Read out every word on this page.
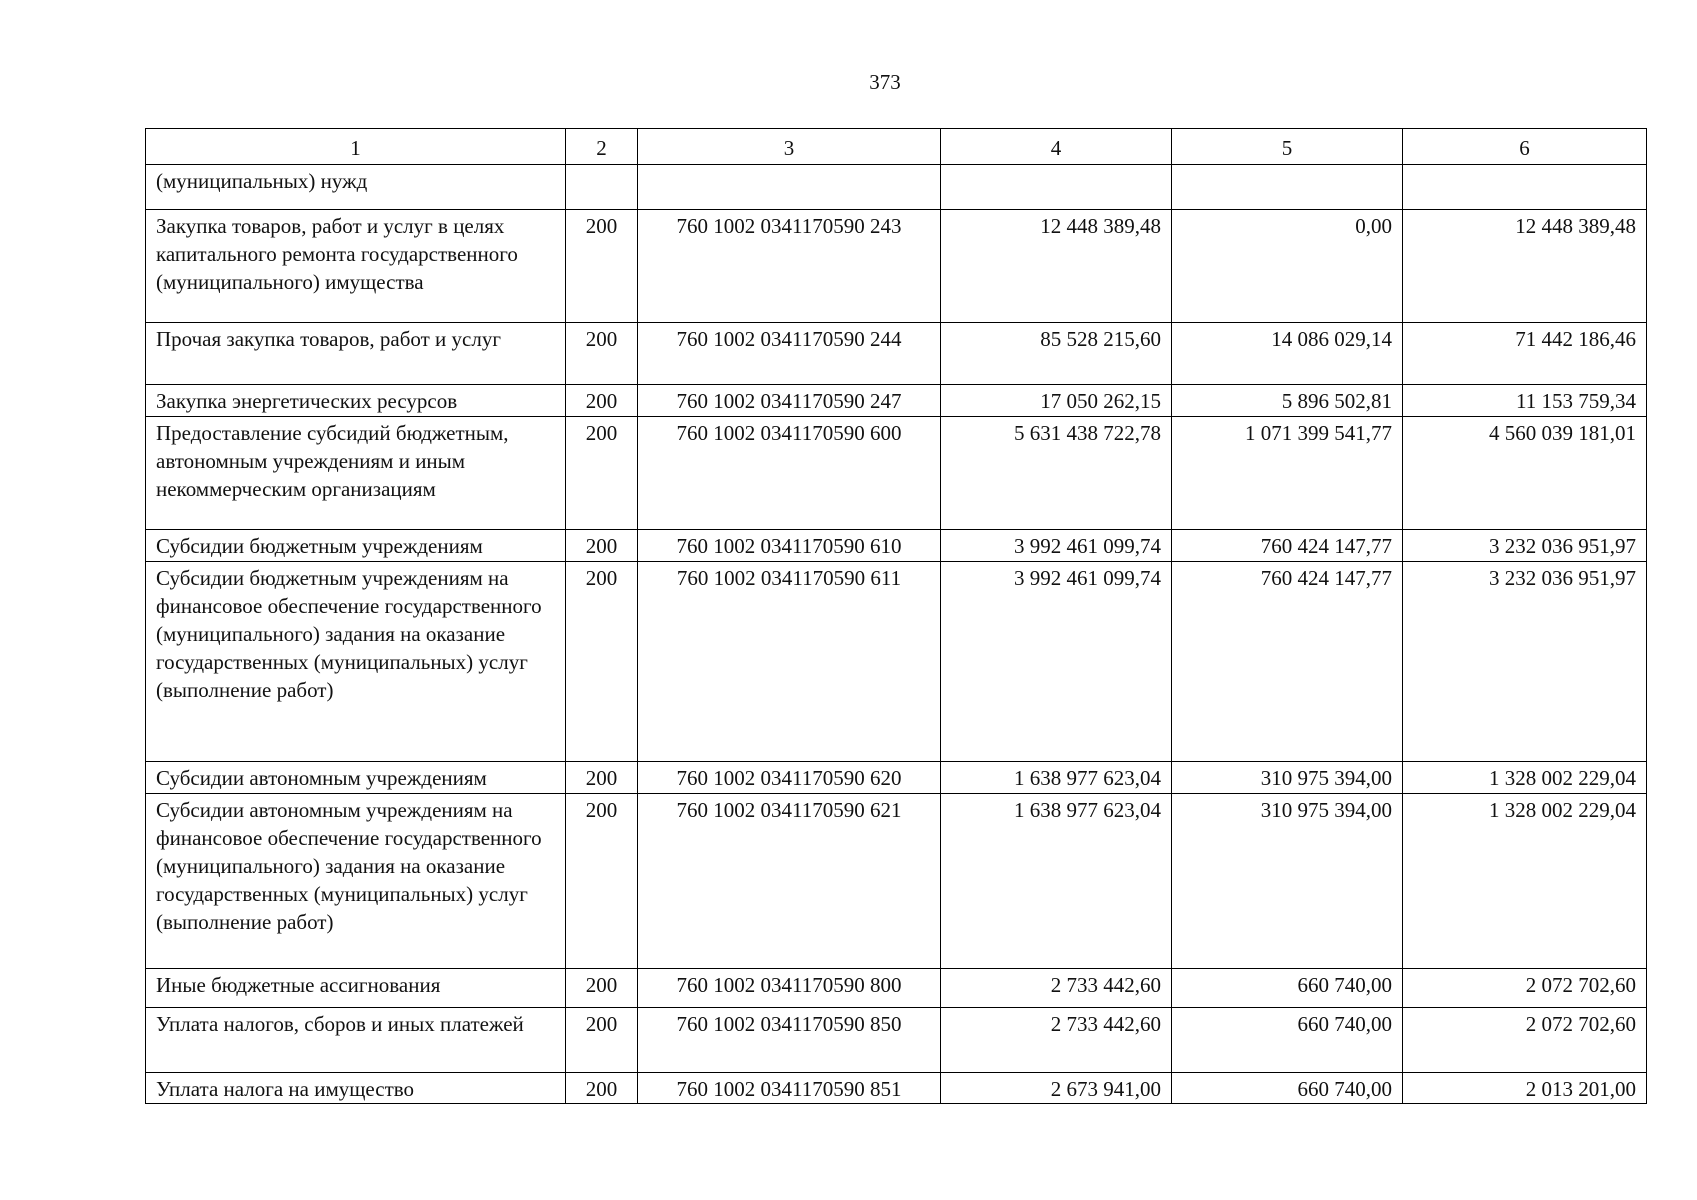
373
1	2	3	4	5	6
(муниципальных) нужд					
Закупка товаров, работ и услуг в целях капитального ремонта государственного (муниципального) имущества	200	760 1002 0341170590 243	12 448 389,48	0,00	12 448 389,48
Прочая закупка товаров, работ и услуг	200	760 1002 0341170590 244	85 528 215,60	14 086 029,14	71 442 186,46
Закупка энергетических ресурсов	200	760 1002 0341170590 247	17 050 262,15	5 896 502,81	11 153 759,34
Предоставление субсидий бюджетным, автономным учреждениям и иным некоммерческим организациям	200	760 1002 0341170590 600	5 631 438 722,78	1 071 399 541,77	4 560 039 181,01
Субсидии бюджетным учреждениям	200	760 1002 0341170590 610	3 992 461 099,74	760 424 147,77	3 232 036 951,97
Субсидии бюджетным учреждениям на финансовое обеспечение государственного (муниципального) задания на оказание государственных (муниципальных) услуг (выполнение работ)	200	760 1002 0341170590 611	3 992 461 099,74	760 424 147,77	3 232 036 951,97
Субсидии автономным учреждениям	200	760 1002 0341170590 620	1 638 977 623,04	310 975 394,00	1 328 002 229,04
Субсидии автономным учреждениям на финансовое обеспечение государственного (муниципального) задания на оказание государственных (муниципальных) услуг (выполнение работ)	200	760 1002 0341170590 621	1 638 977 623,04	310 975 394,00	1 328 002 229,04
Иные бюджетные ассигнования	200	760 1002 0341170590 800	2 733 442,60	660 740,00	2 072 702,60
Уплата налогов, сборов и иных платежей	200	760 1002 0341170590 850	2 733 442,60	660 740,00	2 072 702,60
Уплата налога на имущество	200	760 1002 0341170590 851	2 673 941,00	660 740,00	2 013 201,00
